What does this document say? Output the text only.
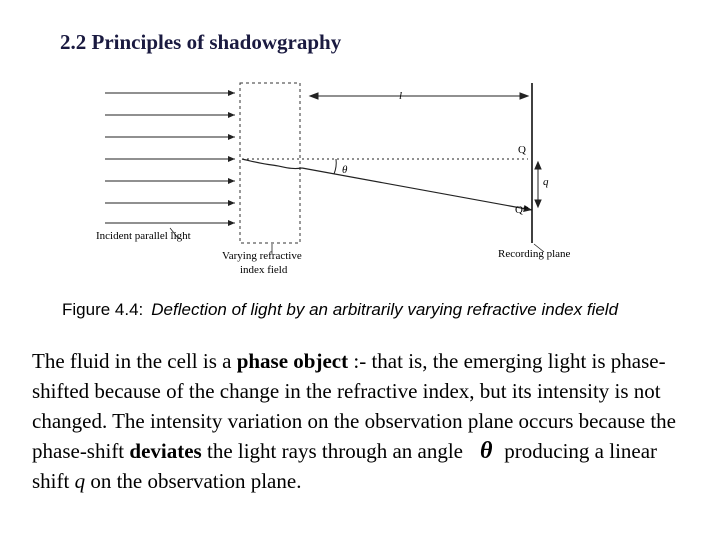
2.2 Principles of shadowgraphy
l
Q
Q*
q
θ
Incident parallel light
Varying refractive
index field
Recording plane
Figure 4.4: Deflection of light by an arbitrarily varying refractive index field
The fluid in the cell is a phase object :- that is, the emerging light is phase-shifted because of the change in the refractive index, but its intensity is not changed. The intensity variation on the observation plane occurs because the phase-shift deviates the light rays through an angle θ producing a linear shift q on the observation plane.
